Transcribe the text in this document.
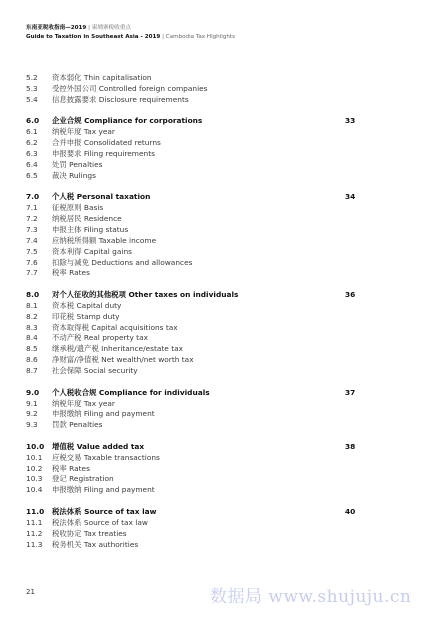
东南亚税收指南—2019 | 柬埔寨税收重点
Guide to Taxation in Southeast Asia - 2019 | Cambodia Tax Highlights
5.2	资本弱化 Thin capitalisation
5.3	受控外国公司 Controlled foreign companies
5.4	信息披露要求 Disclosure requirements
6.0	企业合规 Compliance for corporations	33
6.1	纳税年度 Tax year
6.2	合并申报 Consolidated returns
6.3	申报要求 Filing requirements
6.4	处罚 Penalties
6.5	裁决 Rulings
7.0	个人税 Personal taxation	34
7.1	征税原则 Basis
7.2	纳税居民 Residence
7.3	申报主体 Filing status
7.4	应纳税所得额 Taxable income
7.5	资本利得 Capital gains
7.6	扣除与减免 Deductions and allowances
7.7	税率 Rates
8.0	对个人征收的其他税项 Other taxes on individuals	36
8.1	资本税 Capital duty
8.2	印花税 Stamp duty
8.3	资本取得税 Capital acquisitions tax
8.4	不动产税 Real property tax
8.5	继承税/遗产税 Inheritance/estate tax
8.6	净财富/净值税 Net wealth/net worth tax
8.7	社会保障 Social security
9.0	个人税收合规 Compliance for individuals	37
9.1	纳税年度 Tax year
9.2	申报缴纳 Filing and payment
9.3	罚款 Penalties
10.0	增值税 Value added tax	38
10.1	应税交易 Taxable transactions
10.2	税率 Rates
10.3	登记 Registration
10.4	申报缴纳 Filing and payment
11.0	税法体系 Source of tax law	40
11.1	税法体系 Source of tax law
11.2	税收协定 Tax treaties
11.3	税务机关 Tax authorities
21	数据局 www.shujuju.cn
